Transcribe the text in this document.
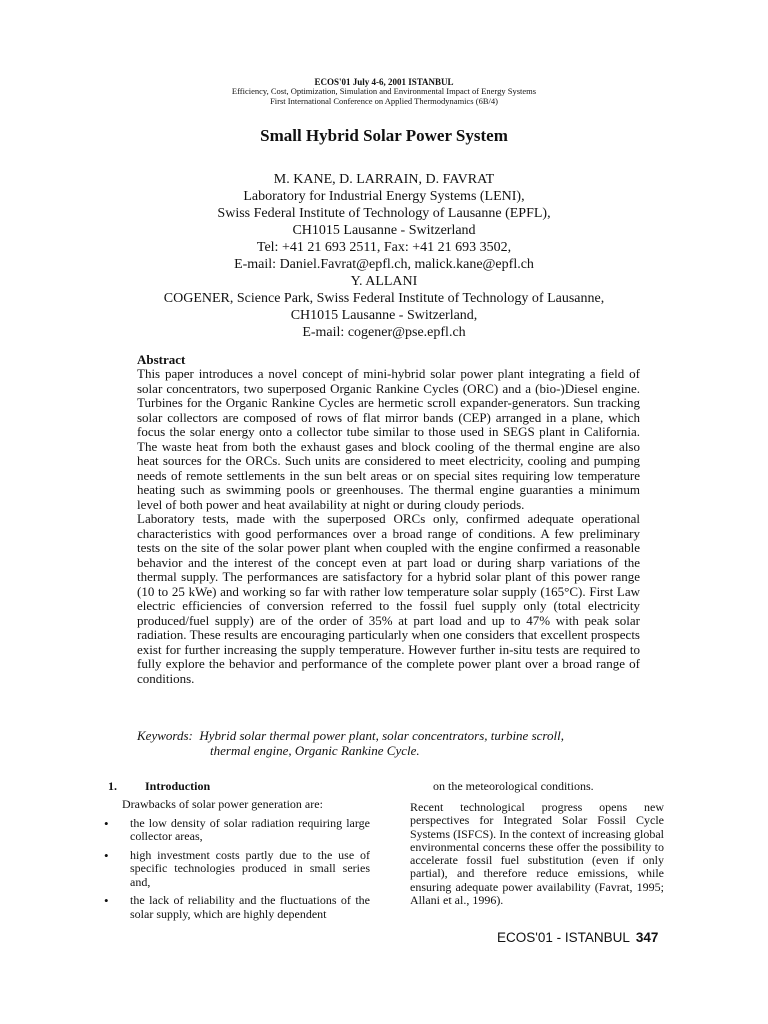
ECOS'01 July 4-6, 2001 ISTANBUL
Efficiency, Cost, Optimization, Simulation and Environmental Impact of Energy Systems
First International Conference on Applied Thermodynamics (6B/4)
Small Hybrid Solar Power System
M. KANE, D. LARRAIN, D. FAVRAT
Laboratory for Industrial Energy Systems (LENI),
Swiss Federal Institute of Technology of Lausanne (EPFL),
CH1015 Lausanne - Switzerland
Tel: +41 21 693 2511, Fax: +41 21 693 3502,
E-mail: Daniel.Favrat@epfl.ch, malick.kane@epfl.ch
Y. ALLANI
COGENER, Science Park, Swiss Federal Institute of Technology of Lausanne,
CH1015 Lausanne - Switzerland,
E-mail: cogener@pse.epfl.ch
Abstract

This paper introduces a novel concept of mini-hybrid solar power plant integrating a field of solar concentrators, two superposed Organic Rankine Cycles (ORC) and a (bio-)Diesel engine. Turbines for the Organic Rankine Cycles are hermetic scroll expander-generators. Sun tracking solar collectors are composed of rows of flat mirror bands (CEP) arranged in a plane, which focus the solar energy onto a collector tube similar to those used in SEGS plant in California. The waste heat from both the exhaust gases and block cooling of the thermal engine are also heat sources for the ORCs. Such units are considered to meet electricity, cooling and pumping needs of remote settlements in the sun belt areas or on special sites requiring low temperature heating such as swimming pools or greenhouses. The thermal engine guaranties a minimum level of both power and heat availability at night or during cloudy periods.

Laboratory tests, made with the superposed ORCs only, confirmed adequate operational characteristics with good performances over a broad range of conditions. A few preliminary tests on the site of the solar power plant when coupled with the engine confirmed a reasonable behavior and the interest of the concept even at part load or during sharp variations of the thermal supply. The performances are satisfactory for a hybrid solar plant of this power range (10 to 25 kWe) and working so far with rather low temperature solar supply (165°C). First Law electric efficiencies of conversion referred to the fossil fuel supply only (total electricity produced/fuel supply) are of the order of 35% at part load and up to 47% with peak solar radiation. These results are encouraging particularly when one considers that excellent prospects exist for further increasing the supply temperature. However further in-situ tests are required to fully explore the behavior and performance of the complete power plant over a broad range of conditions.

Keywords: Hybrid solar thermal power plant, solar concentrators, turbine scroll,
thermal engine, Organic Rankine Cycle.
1. Introduction
Drawbacks of solar power generation are:
•	the low density of solar radiation requiring large collector areas,
•	high investment costs partly due to the use of specific technologies produced in small series and,
•	the lack of reliability and the fluctuations of the solar supply, which are highly dependent
on the meteorological conditions.
Recent technological progress opens new perspectives for Integrated Solar Fossil Cycle Systems (ISFCS). In the context of increasing global environmental concerns these offer the possibility to accelerate fossil fuel substitution (even if only partial), and therefore reduce emissions, while ensuring adequate power availability (Favrat, 1995; Allani et al., 1996).
ECOS'01 - ISTANBUL 347
